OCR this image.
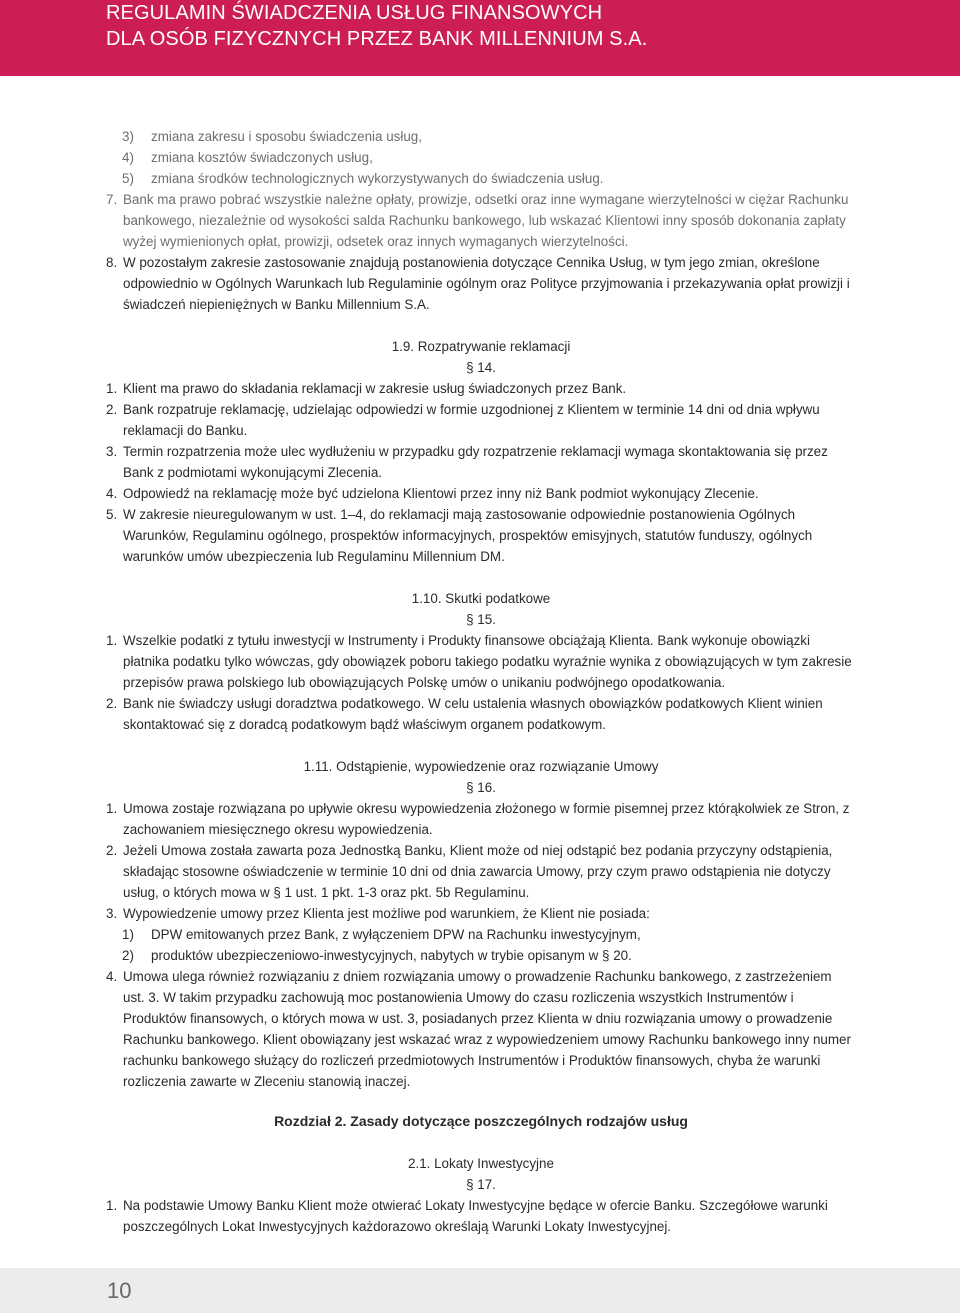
REGULAMIN ŚWIADCZENIA USŁUG FINANSOWYCH
DLA OSÓB FIZYCZNYCH PRZEZ BANK MILLENNIUM S.A.
3) zmiana zakresu i sposobu świadczenia usług,
4) zmiana kosztów świadczonych usług,
5) zmiana środków technologicznych wykorzystywanych do świadczenia usług.
7. Bank ma prawo pobrać wszystkie należne opłaty, prowizje, odsetki oraz inne wymagane wierzytelności w ciężar Rachunku bankowego, niezależnie od wysokości salda Rachunku bankowego, lub wskazać Klientowi inny sposób dokonania zapłaty wyżej wymienionych opłat, prowizji, odsetek oraz innych wymaganych wierzytelności.
8. W pozostałym zakresie zastosowanie znajdują postanowienia dotyczące Cennika Usług, w tym jego zmian, określone odpowiednio w Ogólnych Warunkach lub Regulaminie ogólnym oraz Polityce przyjmowania i przekazywania opłat prowizji i świadczeń niepieniężnych w Banku Millennium S.A.
1.9. Rozpatrywanie reklamacji
§ 14.
1. Klient ma prawo do składania reklamacji w zakresie usług świadczonych przez Bank.
2. Bank rozpatruje reklamację, udzielając odpowiedzi w formie uzgodnionej z Klientem w terminie 14 dni od dnia wpływu reklamacji do Banku.
3. Termin rozpatrzenia może ulec wydłużeniu w przypadku gdy rozpatrzenie reklamacji wymaga skontaktowania się przez Bank z podmiotami wykonującymi Zlecenia.
4. Odpowiedź na reklamację może być udzielona Klientowi przez inny niż Bank podmiot wykonujący Zlecenie.
5. W zakresie nieuregulowanym w ust. 1–4, do reklamacji mają zastosowanie odpowiednie postanowienia Ogólnych Warunków, Regulaminu ogólnego, prospektów informacyjnych, prospektów emisyjnych, statutów funduszy, ogólnych warunków umów ubezpieczenia lub Regulaminu Millennium DM.
1.10. Skutki podatkowe
§ 15.
1. Wszelkie podatki z tytułu inwestycji w Instrumenty i Produkty finansowe obciążają Klienta. Bank wykonuje obowiązki płatnika podatku tylko wówczas, gdy obowiązek poboru takiego podatku wyraźnie wynika z obowiązujących w tym zakresie przepisów prawa polskiego lub obowiązujących Polskę umów o unikaniu podwójnego opodatkowania.
2. Bank nie świadczy usługi doradztwa podatkowego. W celu ustalenia własnych obowiązków podatkowych Klient winien skontaktować się z doradcą podatkowym bądź właściwym organem podatkowym.
1.11. Odstąpienie, wypowiedzenie oraz rozwiązanie Umowy
§ 16.
1. Umowa zostaje rozwiązana po upływie okresu wypowiedzenia złożonego w formie pisemnej przez którąkolwiek ze Stron, z zachowaniem miesięcznego okresu wypowiedzenia.
2. Jeżeli Umowa została zawarta poza Jednostką Banku, Klient może od niej odstąpić bez podania przyczyny odstąpienia, składając stosowne oświadczenie w terminie 10 dni od dnia zawarcia Umowy, przy czym prawo odstąpienia nie dotyczy usług, o których mowa w § 1 ust. 1 pkt. 1-3 oraz pkt. 5b Regulaminu.
3. Wypowiedzenie umowy przez Klienta jest możliwe pod warunkiem, że Klient nie posiada:
1) DPW emitowanych przez Bank, z wyłączeniem DPW na Rachunku inwestycyjnym,
2) produktów ubezpieczeniowo-inwestycyjnych, nabytych w trybie opisanym w § 20.
4. Umowa ulega również rozwiązaniu z dniem rozwiązania umowy o prowadzenie Rachunku bankowego, z zastrzeżeniem ust. 3. W takim przypadku zachowują moc postanowienia Umowy do czasu rozliczenia wszystkich Instrumentów i Produktów finansowych, o których mowa w ust. 3, posiadanych przez Klienta w dniu rozwiązania umowy o prowadzenie Rachunku bankowego. Klient obowiązany jest wskazać wraz z wypowiedzeniem umowy Rachunku bankowego inny numer rachunku bankowego służący do rozliczeń przedmiotowych Instrumentów i Produktów finansowych, chyba że warunki rozliczenia zawarte w Zleceniu stanowią inaczej.
Rozdział 2. Zasady dotyczące poszczególnych rodzajów usług
2.1. Lokaty Inwestycyjne
§ 17.
1. Na podstawie Umowy Banku Klient może otwierać Lokaty Inwestycyjne będące w ofercie Banku. Szczegółowe warunki poszczególnych Lokat Inwestycyjnych każdorazowo określają Warunki Lokaty Inwestycyjnej.
10
